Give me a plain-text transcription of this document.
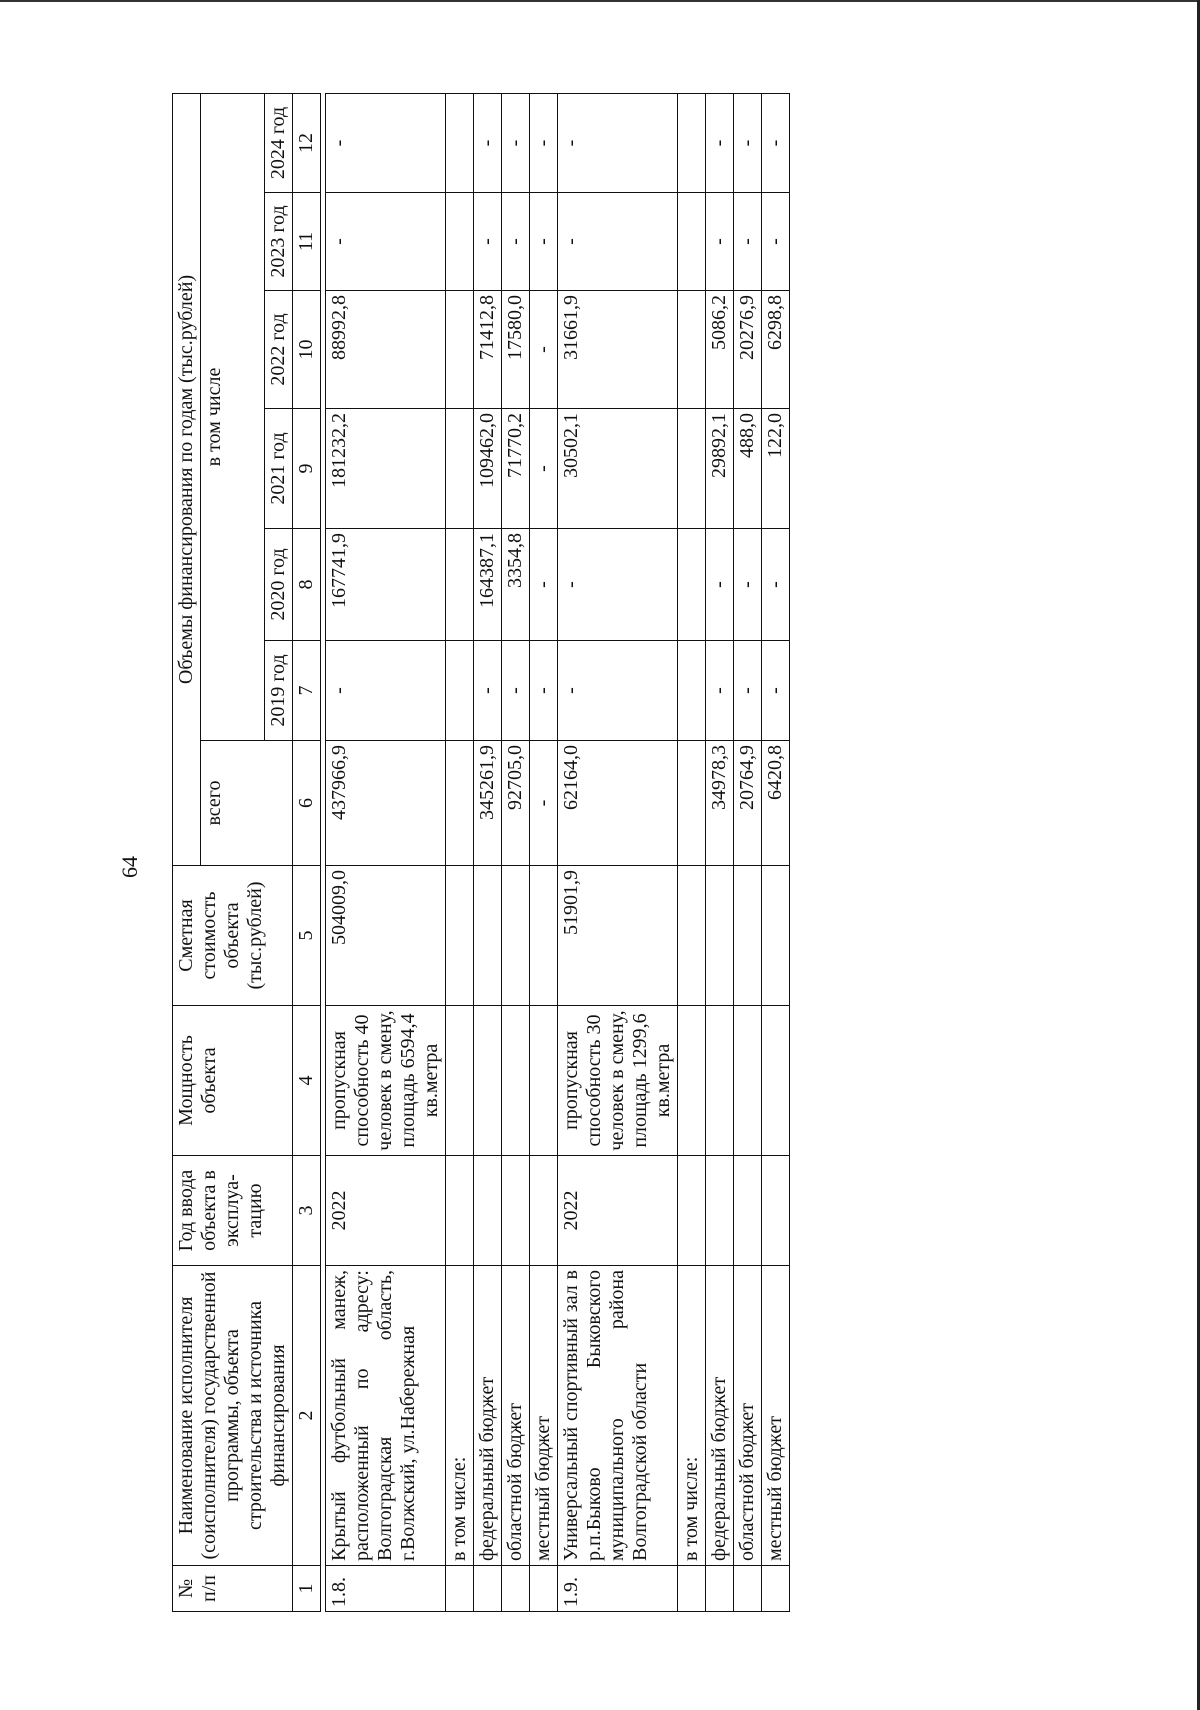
64
№ п/п	Наименование исполнителя (соисполнителя) государственной программы, объекта строительства и источника финансирования	Год ввода объекта в эксплуа- тацию	Мощность объекта	Сметная стоимость объекта (тыс.рублей)	Объемы финансирования по годам (тыс.рублей)						
					всего	в том числе					
						2019 год	2020 год	2021 год	2022 год	2023 год	2024 год
1	2	3	4	5	6	7	8	9	10	11	12
1.8.	Крытый футбольный манеж, расположенный по адресу: Волгоградская область, г.Волжский, ул.Набережная	2022	пропускная способность 40 человек в смену, площадь 6594,4 кв.метра	504009,0	437966,9	-	167741,9	181232,2	88992,8	-	-
	в том числе:										
	федеральный бюджет				345261,9	-	164387,1	109462,0	71412,8	-	-
	областной бюджет				92705,0	-	3354,8	71770,2	17580,0	-	-
	местный бюджет				-	-	-	-	-	-	-
1.9.	Универсальный спортивный зал в р.п.Быково Быковского муниципального района Волгоградской области	2022	пропускная способность 30 человек в смену, площадь 1299,6 кв.метра	51901,9	62164,0	-	-	30502,1	31661,9	-	-
	в том числе:										
	федеральный бюджет				34978,3	-	-	29892,1	5086,2	-	-
	областной бюджет				20764,9	-	-	488,0	20276,9	-	-
	местный бюджет				6420,8	-	-	122,0	6298,8	-	-
